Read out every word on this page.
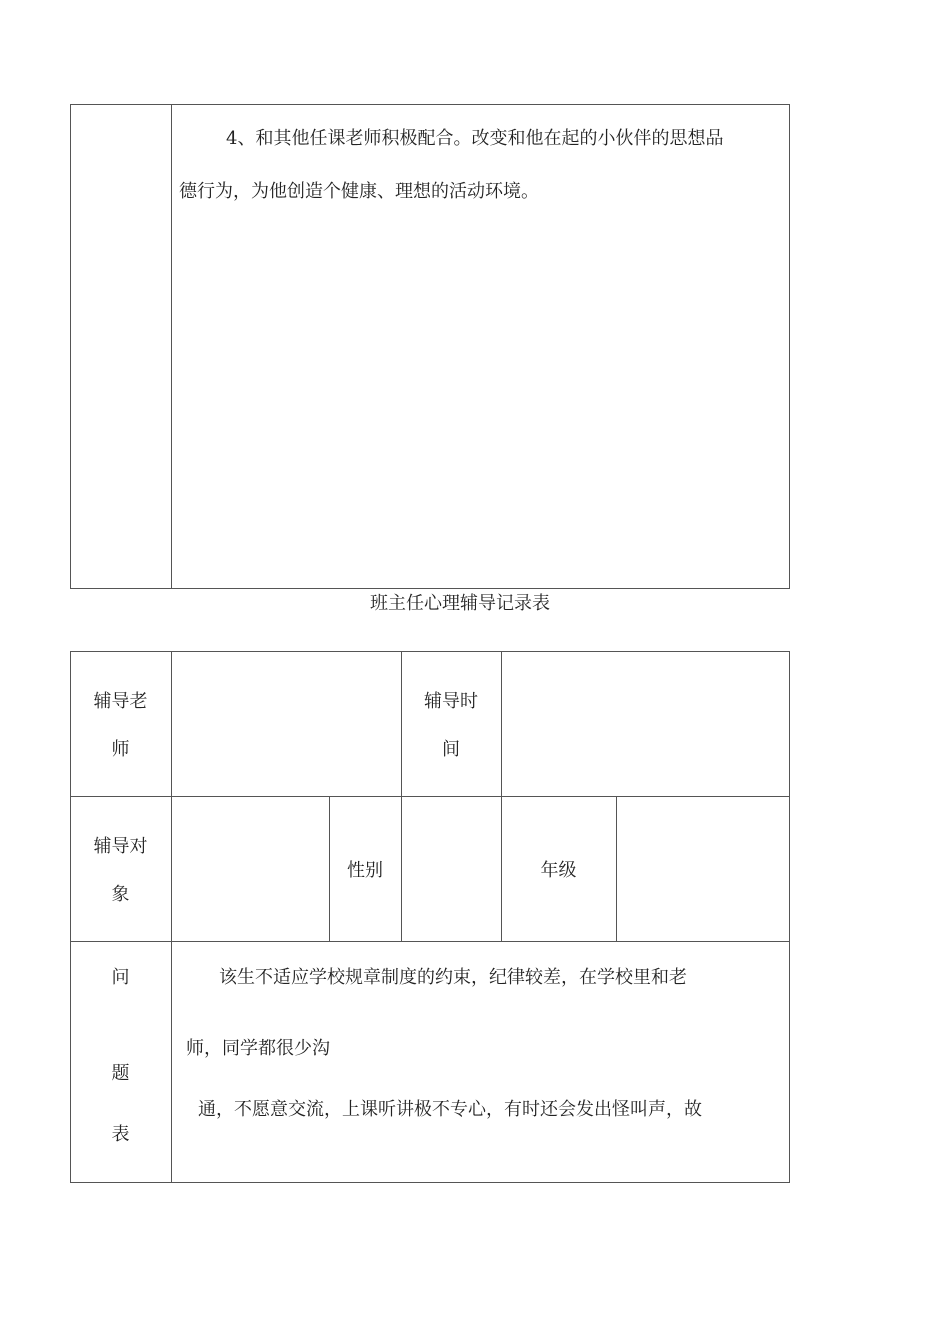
4、和其他任课老师积极配合。改变和他在起的小伙伴的思想品
德行为，为他创造个健康、理想的活动环境。
班主任心理辅导记录表
辅导老
师
辅导时
间
辅导对
象
性别	年级
问
题
表
该生不适应学校规章制度的约束，纪律较差，在学校里和老
师，同学都很少沟
通，不愿意交流，上课听讲极不专心，有时还会发出怪叫声，故
